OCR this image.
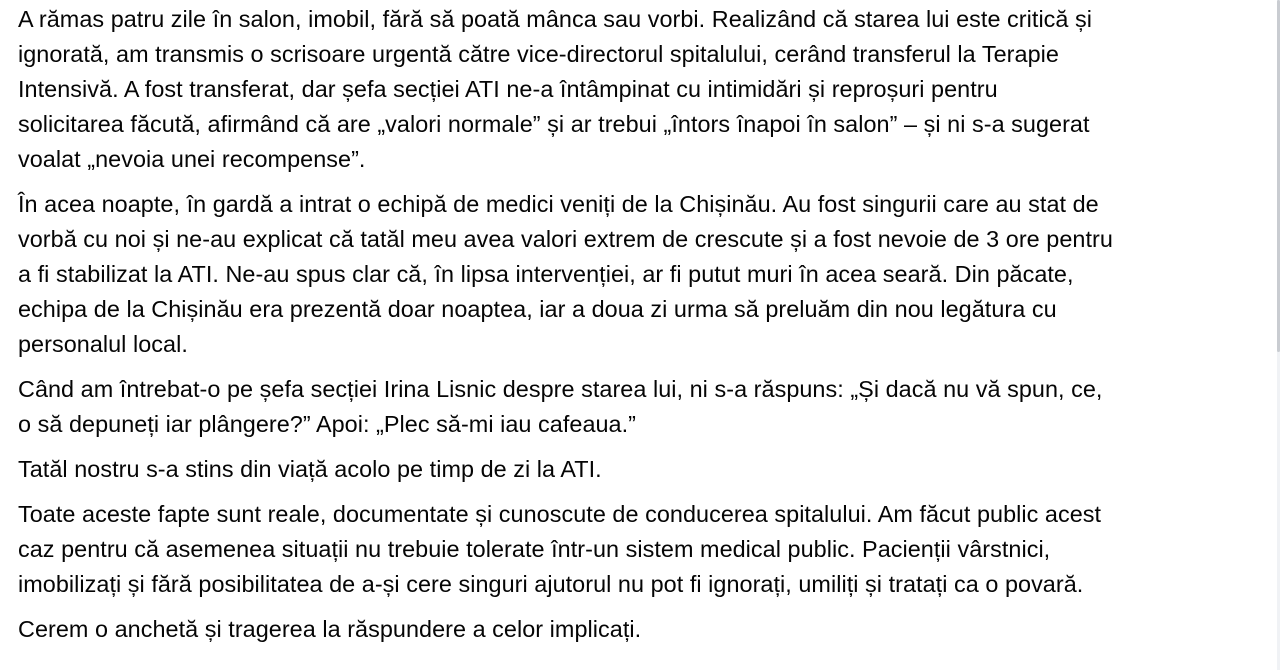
A rămas patru zile în salon, imobil, fără să poată mânca sau vorbi. Realizând că starea lui este critică și
ignorată, am transmis o scrisoare urgentă către vice-directorul spitalului, cerând transferul la Terapie
Intensivă. A fost transferat, dar șefa secției ATI ne-a întâmpinat cu intimidări și reproșuri pentru
solicitarea făcută, afirmând că are „valori normale” și ar trebui „întors înapoi în salon” – și ni s-a sugerat
voalat „nevoia unei recompense”.

În acea noapte, în gardă a intrat o echipă de medici veniți de la Chișinău. Au fost singurii care au stat de
vorbă cu noi și ne-au explicat că tatăl meu avea valori extrem de crescute și a fost nevoie de 3 ore pentru
a fi stabilizat la ATI. Ne-au spus clar că, în lipsa intervenției, ar fi putut muri în acea seară. Din păcate,
echipa de la Chișinău era prezentă doar noaptea, iar a doua zi urma să preluăm din nou legătura cu
personalul local.

Când am întrebat-o pe șefa secției Irina Lisnic despre starea lui, ni s-a răspuns: „Și dacă nu vă spun, ce,
o să depuneți iar plângere?” Apoi: „Plec să-mi iau cafeaua.”

Tatăl nostru s-a stins din viață acolo pe timp de zi la ATI.

Toate aceste fapte sunt reale, documentate și cunoscute de conducerea spitalului. Am făcut public acest
caz pentru că asemenea situații nu trebuie tolerate într-un sistem medical public. Pacienții vârstnici,
imobilizați și fără posibilitatea de a-și cere singuri ajutorul nu pot fi ignorați, umiliți și tratați ca o povară.

Cerem o anchetă și tragerea la răspundere a celor implicați.
